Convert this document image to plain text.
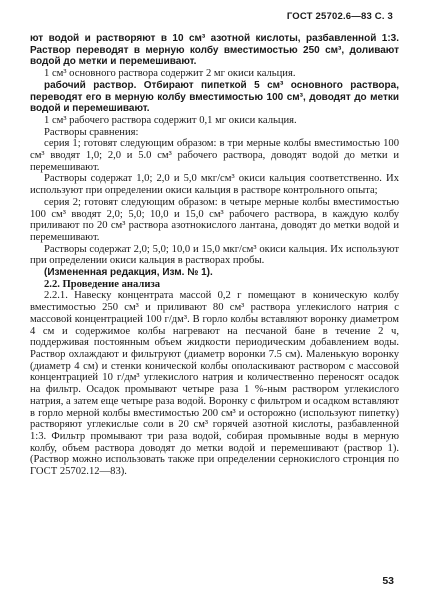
ГОСТ 25702.6—83 С. 3

ют водой и растворяют в 10 см³ азотной кислоты, разбавленной 1:3. Раствор переводят в мерную колбу вместимостью 250 см³, доливают водой до метки и перемешивают.

1 см³ основного раствора содержит 2 мг окиси кальция.

рабочий раствор. Отбирают пипеткой 5 см³ основного раствора, переводят его в мерную колбу вместимостью 100 см³, доводят до метки водой и перемешивают.

1 см³ рабочего раствора содержит 0,1 мг окиси кальция.

Растворы сравнения:

серия 1; готовят следующим образом: в три мерные колбы вместимостью 100 см³ вводят 1,0; 2,0 и 5.0 см³ рабочего раствора, доводят водой до метки и перемешивают.

Растворы содержат 1,0; 2,0 и 5,0 мкг/см³ окиси кальция соответственно. Их используют при определении окиси кальция в растворе контрольного опыта;

серия 2; готовят следующим образом: в четыре мерные колбы вместимостью 100 см³ вводят 2,0; 5,0; 10,0 и 15,0 см³ рабочего раствора, в каждую колбу приливают по 20 см³ раствора азотнокислого лантана, доводят до метки водой и перемешивают.

Растворы содержат 2,0; 5,0; 10,0 и 15,0 мкг/см³ окиси кальция. Их используют при определении окиси кальция в растворах пробы.

(Измененная редакция, Изм. № 1).

2.2. Проведение анализа

2.2.1. Навеску концентрата массой 0,2 г помещают в коническую колбу вместимостью 250 см³ и приливают 80 см³ раствора углекислого натрия с массовой концентрацией 100 г/дм³. В горло колбы вставляют воронку диаметром 4 см и содержимое колбы нагревают на песчаной бане в течение 2 ч, поддерживая постоянным объем жидкости периодическим добавлением воды. Раствор охлаждают и фильтруют (диаметр воронки 7.5 см). Маленькую воронку (диаметр 4 см) и стенки конической колбы ополаскивают раствором с массовой концентрацией 10 г/дм³ углекислого натрия и количественно переносят осадок на фильтр. Осадок промывают четыре раза 1 %-ным раствором углекислого натрия, а затем еще четыре раза водой. Воронку с фильтром и осадком вставляют в горло мерной колбы вместимостью 200 см³ и осторожно (используют пипетку) растворяют углекислые соли в 20 см³ горячей азотной кислоты, разбавленной 1:3. Фильтр промывают три раза водой, собирая промывные воды в мерную колбу, объем раствора доводят до метки водой и перемешивают (раствор 1). (Раствор можно использовать также при определении сернокислого стронция по ГОСТ 25702.12—83).

53
